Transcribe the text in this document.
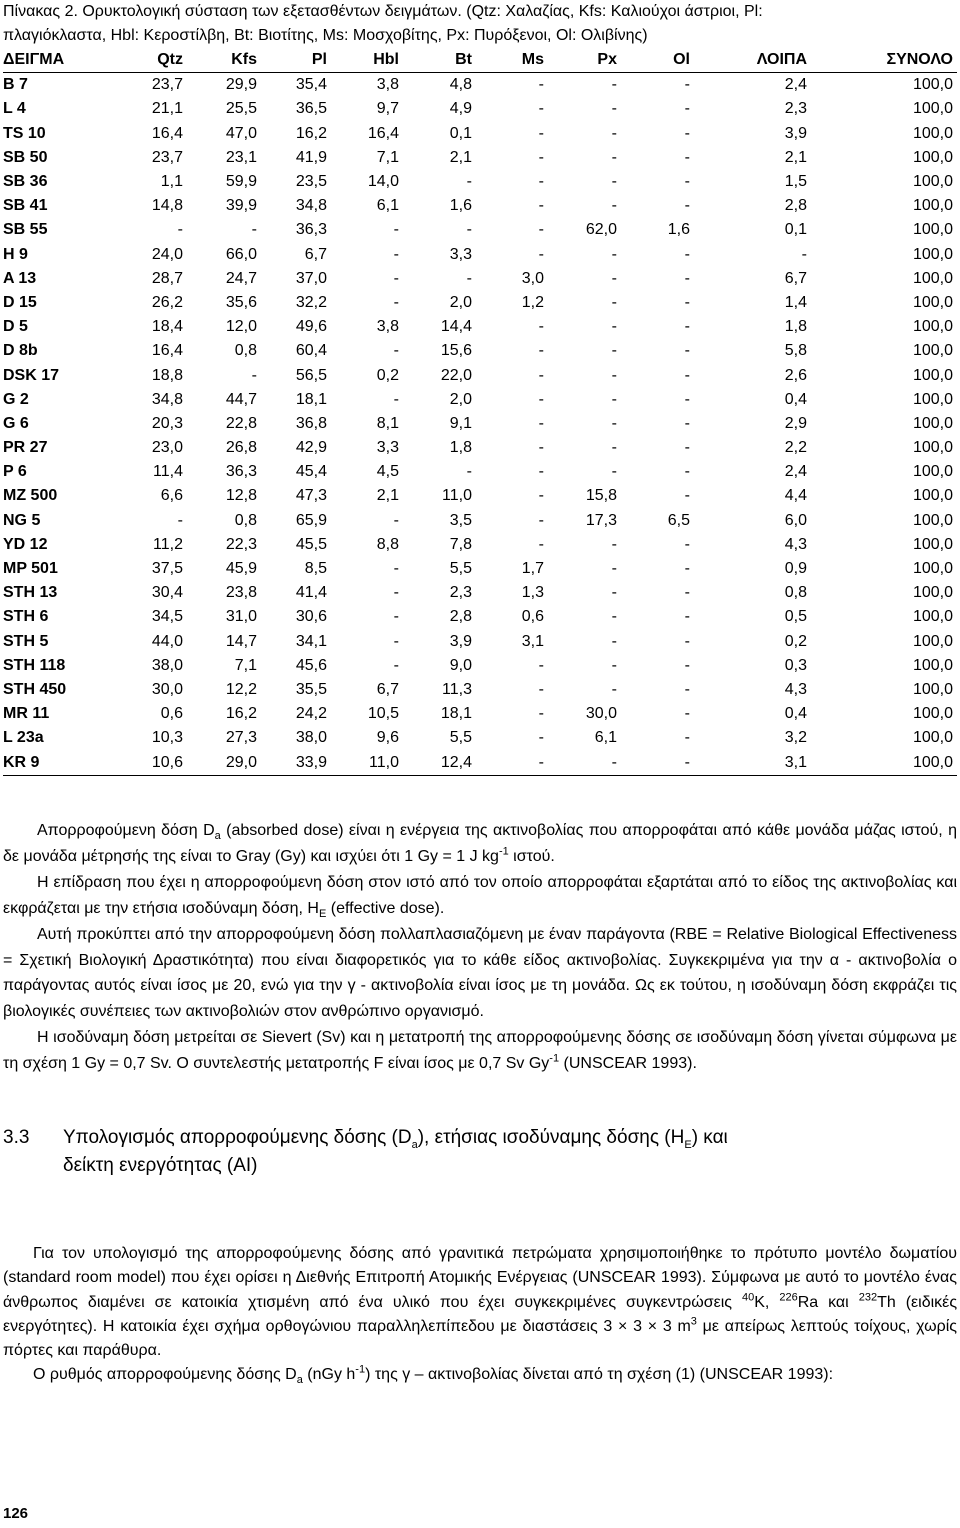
Πίνακας 2. Ορυκτολογική σύσταση των εξετασθέντων δειγμάτων. (Qtz: Χαλαζίας, Kfs: Καλιούχοι άστριοι, Pl:
πλαγιόκλαστα, Hbl: Κεροστίλβη, Bt: Βιοτίτης, Ms: Μοσχοβίτης, Px: Πυρόξενοι, Ol: Ολιβίνης)
ΔΕΙΓΜΑ	Qtz	Kfs	Pl	Hbl	Bt	Ms	Px	Ol	ΛΟΙΠΑ	ΣΥΝΟΛΟ
B 7	23,7	29,9	35,4	3,8	4,8	-	-	-	2,4	100,0
L 4	21,1	25,5	36,5	9,7	4,9	-	-	-	2,3	100,0
TS 10	16,4	47,0	16,2	16,4	0,1	-	-	-	3,9	100,0
SB 50	23,7	23,1	41,9	7,1	2,1	-	-	-	2,1	100,0
SB 36	1,1	59,9	23,5	14,0	-	-	-	-	1,5	100,0
SB 41	14,8	39,9	34,8	6,1	1,6	-	-	-	2,8	100,0
SB 55	-	-	36,3	-	-	-	62,0	1,6	0,1	100,0
H 9	24,0	66,0	6,7	-	3,3	-	-	-	-	100,0
A 13	28,7	24,7	37,0	-	-	3,0	-	-	6,7	100,0
D 15	26,2	35,6	32,2	-	2,0	1,2	-	-	1,4	100,0
D 5	18,4	12,0	49,6	3,8	14,4	-	-	-	1,8	100,0
D 8b	16,4	0,8	60,4	-	15,6	-	-	-	5,8	100,0
DSK 17	18,8	-	56,5	0,2	22,0	-	-	-	2,6	100,0
G 2	34,8	44,7	18,1	-	2,0	-	-	-	0,4	100,0
G 6	20,3	22,8	36,8	8,1	9,1	-	-	-	2,9	100,0
PR 27	23,0	26,8	42,9	3,3	1,8	-	-	-	2,2	100,0
P 6	11,4	36,3	45,4	4,5	-	-	-	-	2,4	100,0
MZ 500	6,6	12,8	47,3	2,1	11,0	-	15,8	-	4,4	100,0
NG 5	-	0,8	65,9	-	3,5	-	17,3	6,5	6,0	100,0
YD 12	11,2	22,3	45,5	8,8	7,8	-	-	-	4,3	100,0
MP 501	37,5	45,9	8,5	-	5,5	1,7	-	-	0,9	100,0
STH 13	30,4	23,8	41,4	-	2,3	1,3	-	-	0,8	100,0
STH 6	34,5	31,0	30,6	-	2,8	0,6	-	-	0,5	100,0
STH 5	44,0	14,7	34,1	-	3,9	3,1	-	-	0,2	100,0
STH 118	38,0	7,1	45,6	-	9,0	-	-	-	0,3	100,0
STH 450	30,0	12,2	35,5	6,7	11,3	-	-	-	4,3	100,0
MR 11	0,6	16,2	24,2	10,5	18,1	-	30,0	-	0,4	100,0
L 23a	10,3	27,3	38,0	9,6	5,5	-	6,1	-	3,2	100,0
KR 9	10,6	29,0	33,9	11,0	12,4	-	-	-	3,1	100,0

Απορροφούμενη δόση $D_a$ (absorbed dose) είναι η ενέργεια της ακτινοβολίας που απορροφάται από κάθε μονάδα μάζας ιστού, η δε μονάδα μέτρησής της είναι το Gray (Gy) και ισχύει ότι 1 Gy = 1 J $kg^{-1}$ ιστού.

Η επίδραση που έχει η απορροφούμενη δόση στον ιστό από τον οποίο απορροφάται εξαρτάται από το είδος της ακτινοβολίας και εκφράζεται με την ετήσια ισοδύναμη δόση, $H_E$ (effective dose).

Αυτή προκύπτει από την απορροφούμενη δόση πολλαπλασιαζόμενη με έναν παράγοντα (RBE = Relative Biological Effectiveness = Σχετική Βιολογική Δραστικότητα) που είναι διαφορετικός για το κάθε είδος ακτινοβολίας. Συγκεκριμένα για την α - ακτινοβολία ο παράγοντας αυτός είναι ίσος με 20, ενώ για την γ - ακτινοβολία είναι ίσος με τη μονάδα. Ως εκ τούτου, η ισοδύναμη δόση εκφράζει τις βιολογικές συνέπειες των ακτινοβολιών στον ανθρώπινο οργανισμό.

Η ισοδύναμη δόση μετρείται σε Sievert (Sv) και η μετατροπή της απορροφούμενης δόσης σε ισοδύναμη δόση γίνεται σύμφωνα με τη σχέση 1 Gy = 0,7 Sv. Ο συντελεστής μετατροπής F είναι ίσος με 0,7 Sv $Gy^{-1}$ (UNSCEAR 1993).

3.3 Υπολογισμός απορροφούμενης δόσης $(D_a)$, ετήσιας ισοδύναμης δόσης $(H_E)$ και
δείκτη ενεργότητας (AI)

Για τον υπολογισμό της απορροφούμενης δόσης από γρανιτικά πετρώματα χρησιμοποιήθηκε το πρότυπο μοντέλο δωματίου (standard room model) που έχει ορίσει η Διεθνής Επιτροπή Ατομικής Ενέργειας (UNSCEAR 1993). Σύμφωνα με αυτό το μοντέλο ένας άνθρωπος διαμένει σε κατοικία χτισμένη από ένα υλικό που έχει συγκεκριμένες συγκεντρώσεις $^{40}$K, $^{226}$Ra και $^{232}$Th (ειδικές ενεργότητες). Η κατοικία έχει σχήμα ορθογώνιου παραλληλεπίπεδου με διαστάσεις 3 × 3 × 3 $m^3$ με απείρως λεπτούς τοίχους, χωρίς πόρτες και παράθυρα.

Ο ρυθμός απορροφούμενης δόσης $D_a$ (nGy $h^{-1}$) της γ – ακτινοβολίας δίνεται από τη σχέση (1) (UNSCEAR 1993):

126
